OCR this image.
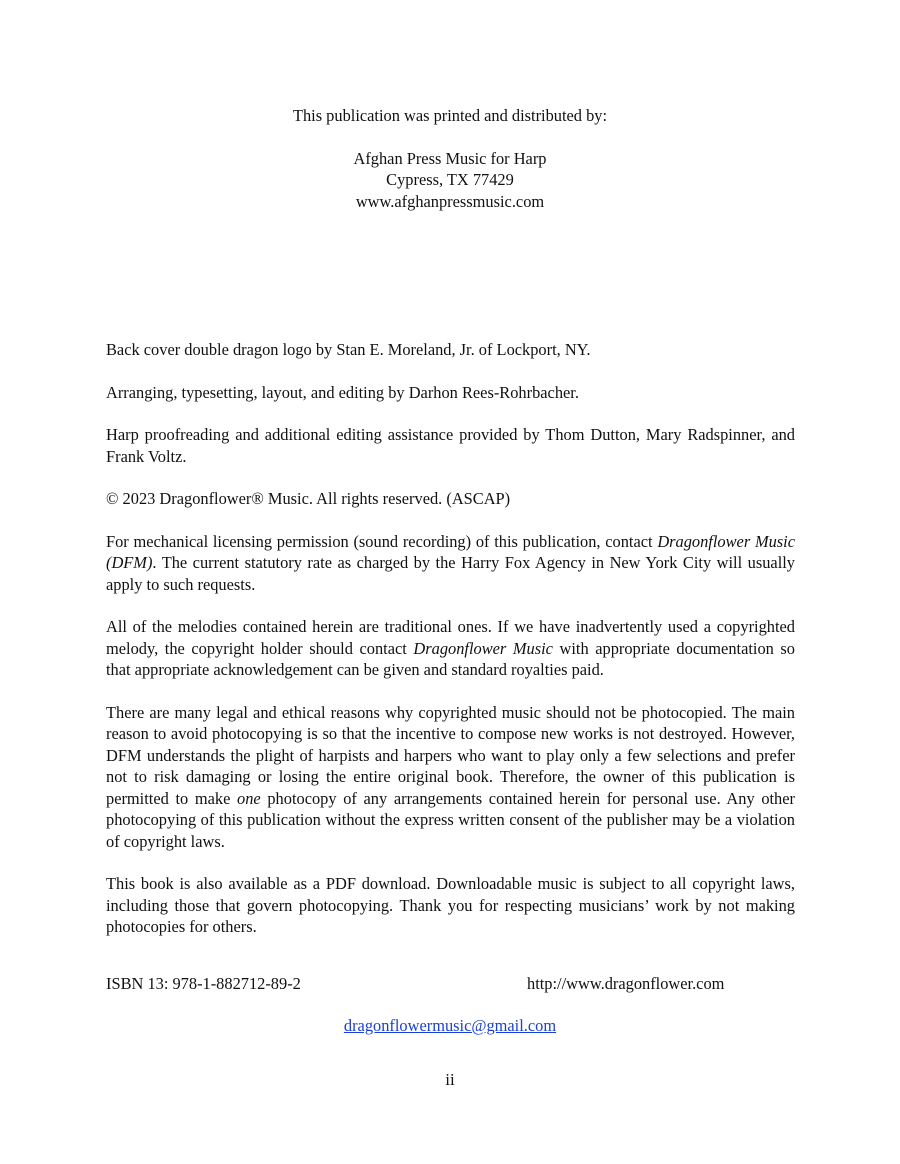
This publication was printed and distributed by:

Afghan Press Music for Harp

Cypress, TX 77429

www.afghanpressmusic.com

Back cover double dragon logo by Stan E. Moreland, Jr. of Lockport, NY.

Arranging, typesetting, layout, and editing by Darhon Rees-Rohrbacher.

Harp proofreading and additional editing assistance provided by Thom Dutton, Mary Radspinner, and Frank Voltz.

© 2023 Dragonflower® Music. All rights reserved. (ASCAP)

For mechanical licensing permission (sound recording) of this publication, contact Dragonflower Music (DFM). The current statutory rate as charged by the Harry Fox Agency in New York City will usually apply to such requests.

All of the melodies contained herein are traditional ones. If we have inadvertently used a copyrighted melody, the copyright holder should contact Dragonflower Music with appropriate documentation so that appropriate acknowledgement can be given and standard royalties paid.

There are many legal and ethical reasons why copyrighted music should not be photocopied. The main reason to avoid photocopying is so that the incentive to compose new works is not destroyed. However, DFM understands the plight of harpists and harpers who want to play only a few selections and prefer not to risk damaging or losing the entire original book. Therefore, the owner of this publication is permitted to make one photocopy of any arrangements contained herein for personal use. Any other photocopying of this publication without the express written consent of the publisher may be a violation of copyright laws.

This book is also available as a PDF download. Downloadable music is subject to all copyright laws, including those that govern photocopying. Thank you for respecting musicians’ work by not making photocopies for others.

ISBN 13: 978-1-882712-89-2	http://www.dragonflower.com
dragonflowermusic@gmail.com
ii
